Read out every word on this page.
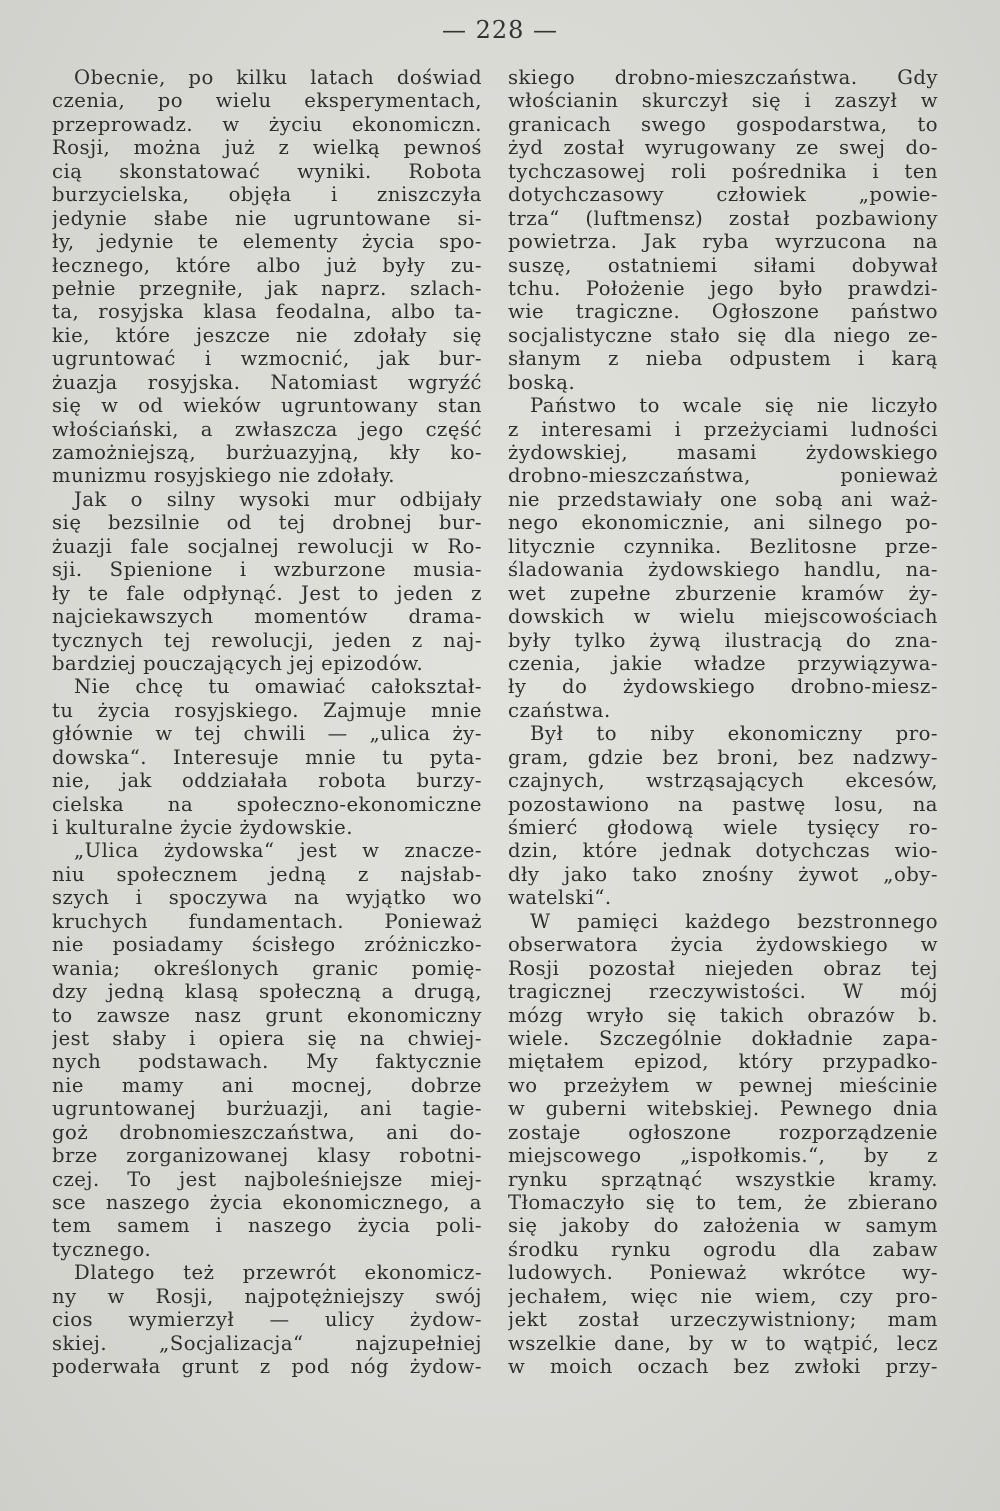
— 228 —
Obecnie, po kilku latach doświad
czenia, po wielu eksperymentach,
przeprowadz. w życiu ekonomiczn.
Rosji, można już z wielką pewnoś
cią skonstatować wyniki. Robota
burzycielska, objęła i zniszczyła
jedynie słabe nie ugruntowane si-
ły, jedynie te elementy życia spo-
łecznego, które albo już były zu-
pełnie przegniłe, jak naprz. szlach-
ta, rosyjska klasa feodalna, albo ta-
kie, które jeszcze nie zdołały się
ugruntować i wzmocnić, jak bur-
żuazja rosyjska. Natomiast wgryźć
się w od wieków ugruntowany stan
włościański, a zwłaszcza jego część
zamożniejszą, burżuazyjną, kły ko-
munizmu rosyjskiego nie zdołały.
Jak o silny wysoki mur odbijały
się bezsilnie od tej drobnej bur-
żuazji fale socjalnej rewolucji w Ro-
sji. Spienione i wzburzone musia-
ły te fale odpłynąć. Jest to jeden z
najciekawszych momentów drama-
tycznych tej rewolucji, jeden z naj-
bardziej pouczających jej epizodów.
Nie chcę tu omawiać całokształ-
tu życia rosyjskiego. Zajmuje mnie
głównie w tej chwili — „ulica ży-
dowska“. Interesuje mnie tu pyta-
nie, jak oddziałała robota burzy-
cielska na społeczno-ekonomiczne
i kulturalne życie żydowskie.
„Ulica żydowska“ jest w znacze-
niu społecznem jedną z najsłab-
szych i spoczywa na wyjątko wo
kruchych fundamentach. Ponieważ
nie posiadamy ścisłego zróżniczko-
wania; określonych granic pomię-
dzy jedną klasą społeczną a drugą,
to zawsze nasz grunt ekonomiczny
jest słaby i opiera się na chwiej-
nych podstawach. My faktycznie
nie mamy ani mocnej, dobrze
ugruntowanej burżuazji, ani tagie-
goż drobnomieszczaństwa, ani do-
brze zorganizowanej klasy robotni-
czej. To jest najboleśniejsze miej-
sce naszego życia ekonomicznego, a
tem samem i naszego życia poli-
tycznego.
Dlatego też przewrót ekonomicz-
ny w Rosji, najpotężniejszy swój
cios wymierzył — ulicy żydow-
skiej. „Socjalizacja“ najzupełniej
poderwała grunt z pod nóg żydow-
skiego drobno-mieszczaństwa. Gdy
włościanin skurczył się i zaszył w
granicach swego gospodarstwa, to
żyd został wyrugowany ze swej do-
tychczasowej roli pośrednika i ten
dotychczasowy człowiek „powie-
trza“ (luftmensz) został pozbawiony
powietrza. Jak ryba wyrzucona na
suszę, ostatniemi siłami dobywał
tchu. Położenie jego było prawdzi-
wie tragiczne. Ogłoszone państwo
socjalistyczne stało się dla niego ze-
słanym z nieba odpustem i karą
boską.
Państwo to wcale się nie liczyło
z interesami i przeżyciami ludności
żydowskiej, masami żydowskiego
drobno-mieszczaństwa, ponieważ
nie przedstawiały one sobą ani waż-
nego ekonomicznie, ani silnego po-
litycznie czynnika. Bezlitosne prze-
śladowania żydowskiego handlu, na-
wet zupełne zburzenie kramów ży-
dowskich w wielu miejscowościach
były tylko żywą ilustracją do zna-
czenia, jakie władze przywiązywa-
ły do żydowskiego drobno-miesz-
czaństwa.
Był to niby ekonomiczny pro-
gram, gdzie bez broni, bez nadzwy-
czajnych, wstrząsających ekcesów,
pozostawiono na pastwę losu, na
śmierć głodową wiele tysięcy ro-
dzin, które jednak dotychczas wio-
dły jako tako znośny żywot „oby-
watelski“.
W pamięci każdego bezstronnego
obserwatora życia żydowskiego w
Rosji pozostał niejeden obraz tej
tragicznej rzeczywistości. W mój
mózg wryło się takich obrazów b.
wiele. Szczególnie dokładnie zapa-
miętałem epizod, który przypadko-
wo przeżyłem w pewnej mieścinie
w guberni witebskiej. Pewnego dnia
zostaje ogłoszone rozporządzenie
miejscowego „ispołkomis.“, by z
rynku sprzątnąć wszystkie kramy.
Tłomaczyło się to tem, że zbierano
się jakoby do założenia w samym
środku rynku ogrodu dla zabaw
ludowych. Ponieważ wkrótce wy-
jechałem, więc nie wiem, czy pro-
jekt został urzeczywistniony; mam
wszelkie dane, by w to wątpić, lecz
w moich oczach bez zwłoki przy-
